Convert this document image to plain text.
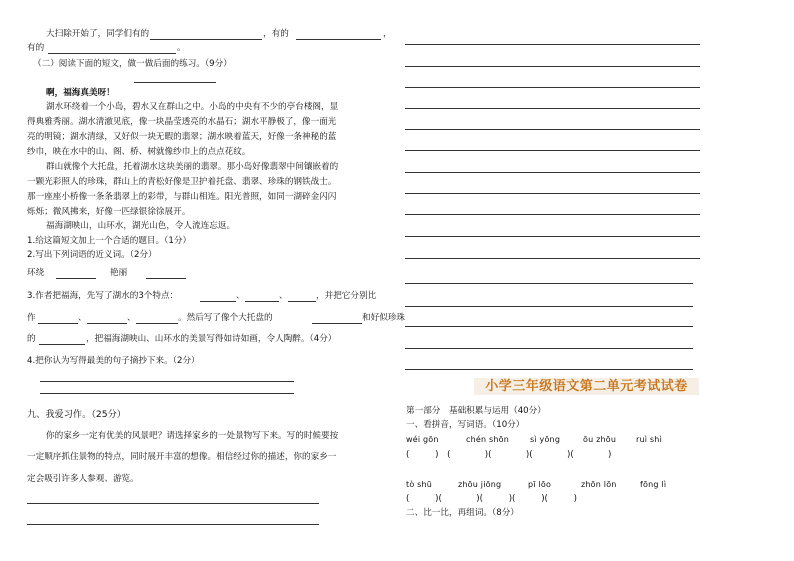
大扫除开始了，同学们有的	，有的	，
有的	。
（二）阅读下面的短文，做一做后面的练习。（9分）
啊，福海真美呀！
湖水环绕着一个小岛，碧水又在群山之中。小岛的中央有不少的亭台楼阁，显
得典雅秀丽。湖水清澈见底，像一块晶莹透亮的水晶石；湖水平静极了，像一面光
亮的明镜；湖水清绿，又好似一块无暇的翡翠；湖水映着蓝天，好像一条神秘的蓝
纱巾，映在水中的山、阁、桥、树就像纱巾上的点点花纹。
群山就像个大托盘，托着湖水这块美丽的翡翠。那小岛好像翡翠中间镶嵌着的
一颗光彩照人的珍珠，群山上的青松好像是卫护着托盘、翡翠、珍珠的钢铁战士。
那一座座小桥像一条条翡翠上的彩带，与群山相连。阳光普照，如同一湖碎金闪闪
烁烁；微风拂来，好像一匹绿银徐徐展开。
福海湖映山，山环水，湖光山色，令人流连忘返。
1.给这篇短文加上一个合适的题目。（1分）
2.写出下列词语的近义词。（2分）
环绕	艳丽
3.作者把福海，先写了湖水的3个特点：	、	、	，并把它分别比
作	、	、	。然后写了像个大托盘的	和好似珍珠
的	，把福海湖映山、山环水的美景写得如诗如画，令人陶醉。（4分）
4.把你认为写得最美的句子摘抄下来。（2分）
九、我爱习作。（25分）
你的家乡一定有优美的风景吧？请选择家乡的一处景物写下来。写的时候要按
一定顺序抓住景物的特点，同时展开丰富的想像。相信经过你的描述，你的家乡一
定会吸引许多人参观、游览。
小学三年级语文第二单元考试试卷
第一部分　基础积累与运用（40分）
一、看拼音，写词语。（10分）
wéi gōn	chén shōn	sì yōng	ōu zhōu ruì shì
(　　　)　(　　　　)(　　　　)(　　　　)(　　　　)
tò shū	zhōu jiōng	pī lōo	zhōn lōn	fōng lì
(　　　)(　　　　)(　　　)(　　　)(　　　)
二、比一比，再组词。（8分）
